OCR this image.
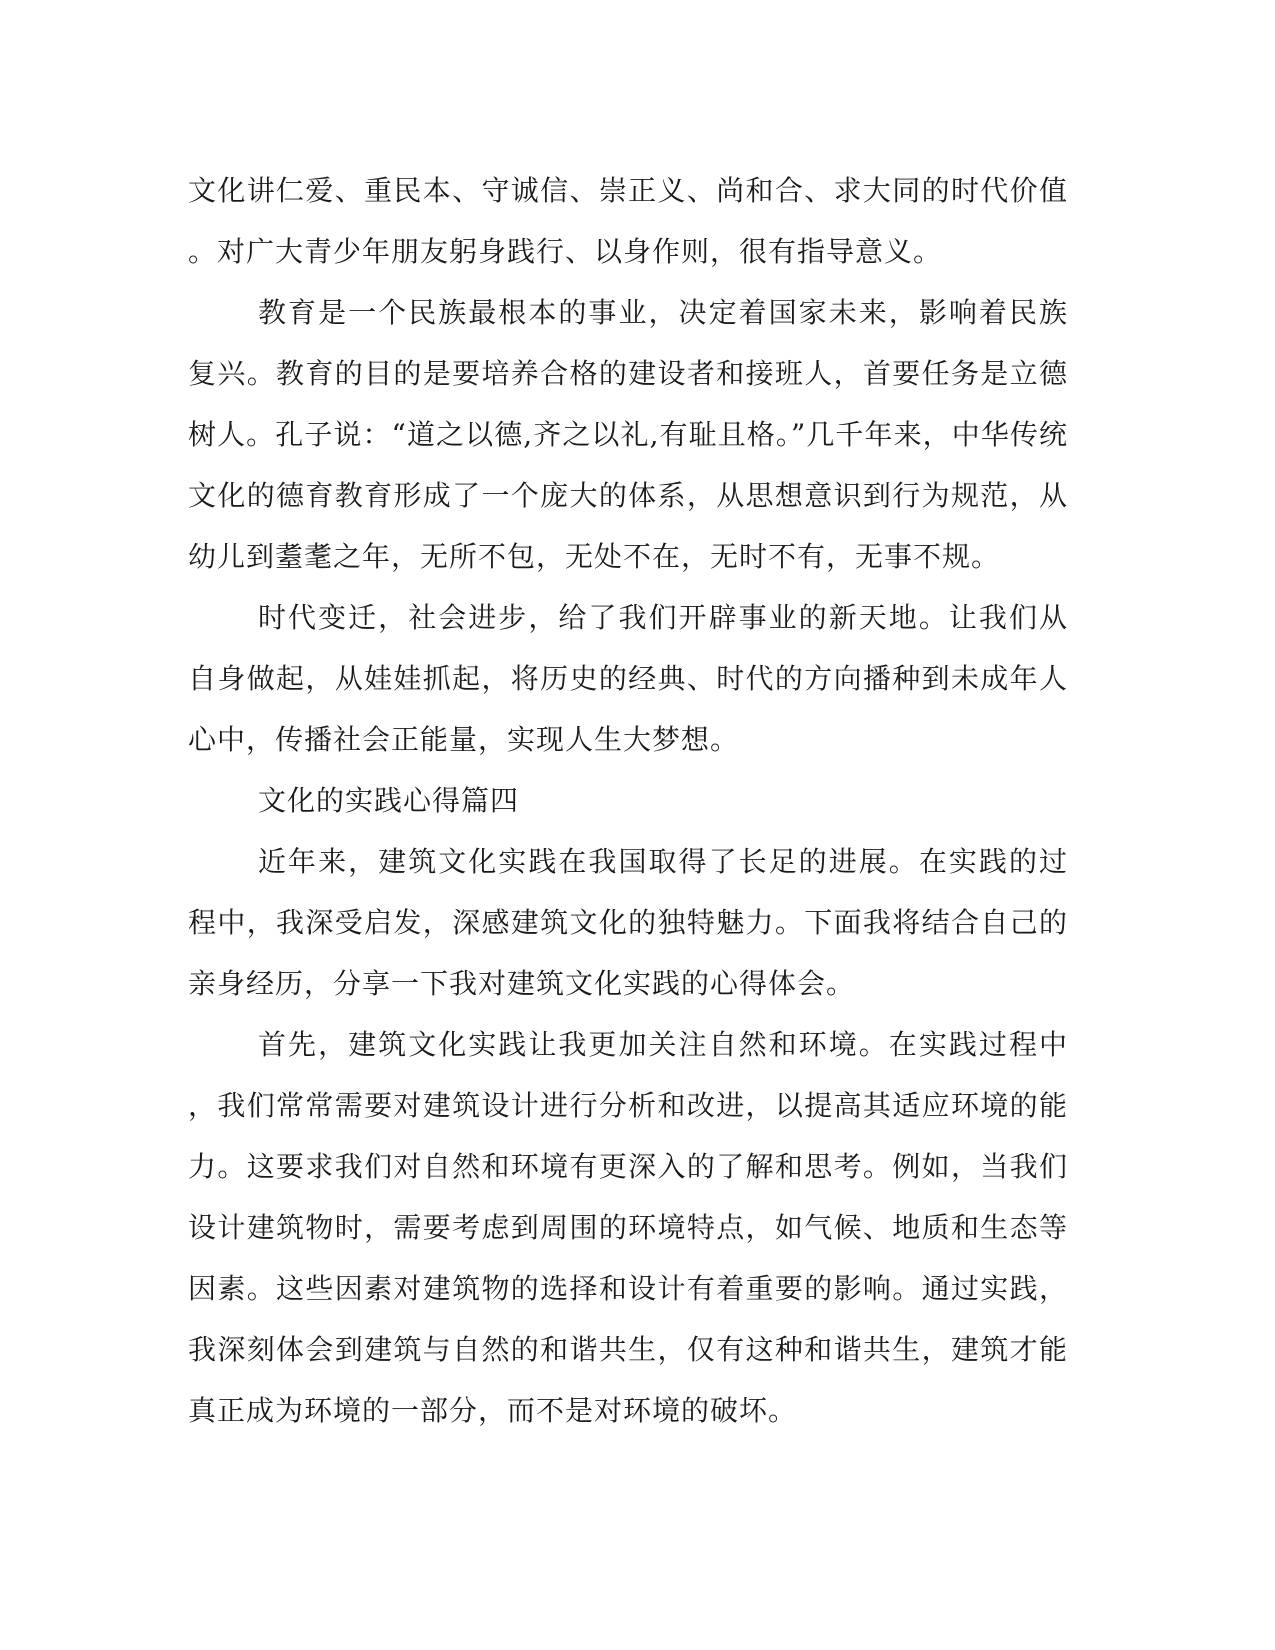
文化讲仁爱、重民本、守诚信、崇正义、尚和合、求大同的时代价值。对广大青少年朋友躬身践行、以身作则，很有指导意义。

教育是一个民族最根本的事业，决定着国家未来，影响着民族复兴。教育的目的是要培养合格的建设者和接班人，首要任务是立德树人。孔子说：“道之以德,齐之以礼,有耻且格。”几千年来，中华传统文化的德育教育形成了一个庞大的体系，从思想意识到行为规范，从幼儿到耋耄之年，无所不包，无处不在，无时不有，无事不规。

时代变迁，社会进步，给了我们开辟事业的新天地。让我们从自身做起，从娃娃抓起，将历史的经典、时代的方向播种到未成年人心中，传播社会正能量，实现人生大梦想。

文化的实践心得篇四

近年来，建筑文化实践在我国取得了长足的进展。在实践的过程中，我深受启发，深感建筑文化的独特魅力。下面我将结合自己的亲身经历，分享一下我对建筑文化实践的心得体会。

首先，建筑文化实践让我更加关注自然和环境。在实践过程中，我们常常需要对建筑设计进行分析和改进，以提高其适应环境的能力。这要求我们对自然和环境有更深入的了解和思考。例如，当我们设计建筑物时，需要考虑到周围的环境特点，如气候、地质和生态等因素。这些因素对建筑物的选择和设计有着重要的影响。通过实践，我深刻体会到建筑与自然的和谐共生，仅有这种和谐共生，建筑才能真正成为环境的一部分，而不是对环境的破坏。
